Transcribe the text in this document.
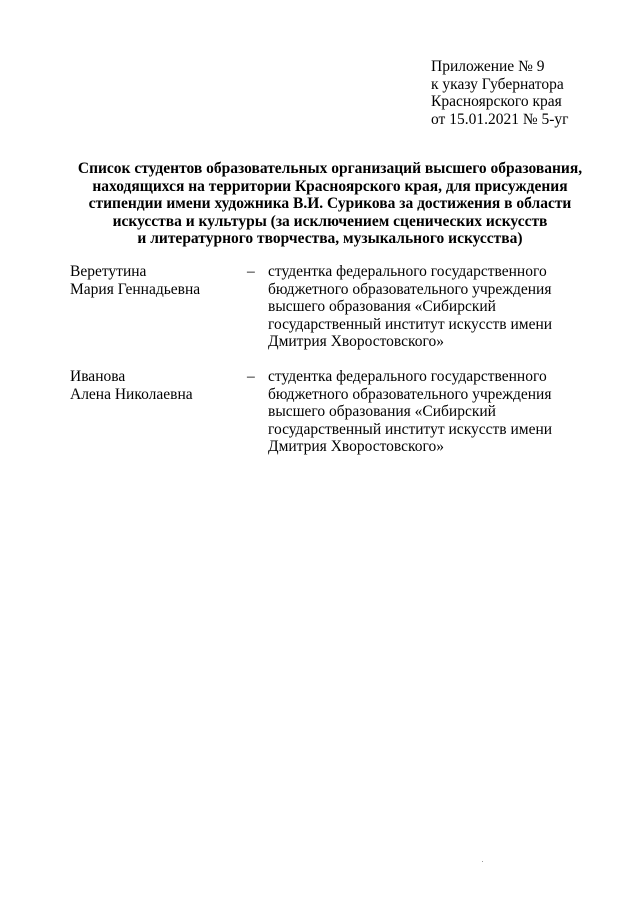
Приложение № 9
к указу Губернатора
Красноярского края
от 15.01.2021 № 5-уг
Список студентов образовательных организаций высшего образования,
находящихся на территории Красноярского края, для присуждения
стипендии имени художника В.И. Сурикова за достижения в области
искусства и культуры (за исключением сценических искусств
и литературного творчества, музыкального искусства)
Веретутина
Мария Геннадьевна
– студентка федерального государственного
бюджетного образовательного учреждения
высшего образования «Сибирский
государственный институт искусств имени
Дмитрия Хворостовского»
Иванова
Алена Николаевна
– студентка федерального государственного
бюджетного образовательного учреждения
высшего образования «Сибирский
государственный институт искусств имени
Дмитрия Хворостовского»
